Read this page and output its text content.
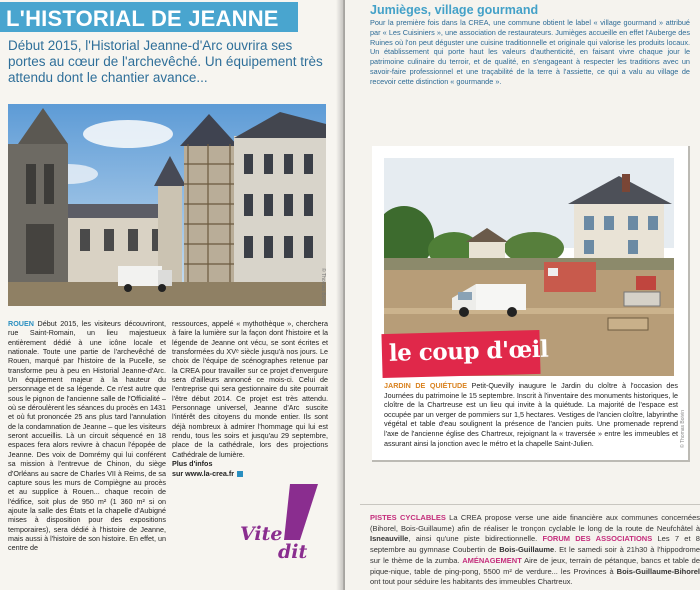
L'HISTORIAL DE JEANNE

Début 2015, l'Historial Jeanne-d'Arc ouvrira ses portes au cœur de l'archevêché. Un équipement très attendu dont le chantier avance...

© Thomas Boivin
ROUEN Début 2015, les visiteurs découvriront, rue Saint-Romain, un lieu majestueux entièrement dédié à une icône locale et nationale. Toute une partie de l'archevêché de Rouen, marqué par l'histoire de la Pucelle, se transforme peu à peu en Historial Jeanne-d'Arc. Un équipement majeur à la hauteur du personnage et de sa légende. Ce n'est autre que sous le pignon de l'ancienne salle de l'Officialité – où se déroulèrent les séances du procès en 1431 et où fut prononcée 25 ans plus tard l'annulation de la condamnation de Jeanne – que les visiteurs seront accueillis. Là un circuit séquencé en 18 espaces fera alors revivre à chacun l'épopée de Jeanne. Des voix de Domrémy qui lui conférent sa mission à l'entrevue de Chinon, du siège d'Orléans au sacre de Charles VII à Reims, de sa capture sous les murs de Compiègne au procès et au supplice à Rouen... chaque recoin de l'édifice, soit plus de 950 m² (1 360 m² si on ajoute la salle des États et la chapelle d'Aubigné mises à disposition pour des expositions temporaires), sera dédié à l'histoire de Jeanne, mais aussi à l'histoire de son histoire. En effet, un centre de
ressources, appelé « mythothèque », cherchera à faire la lumière sur la façon dont l'histoire et la légende de Jeanne ont vécu, se sont écrites et transformées du XVᵉ siècle jusqu'à nos jours. Le choix de l'équipe de scénographes retenue par la CREA pour travailler sur ce projet d'envergure sera d'ailleurs annoncé ce mois-ci. Celui de l'entreprise qui sera gestionnaire du site pourrait l'être début 2014. Ce projet est très attendu. Personnage universel, Jeanne d'Arc suscite l'intérêt des citoyens du monde entier. Ils sont déjà nombreux à admirer l'hommage qui lui est rendu, tous les soirs et jusqu'au 29 septembre, place de la cathédrale, lors des projections Cathédrale de lumière.
Plus d'infos
sur www.la-crea.fr
Vite
dit
Jumièges, village gourmand

Pour la première fois dans la CREA, une commune obtient le label « village gourmand » attribué par « Les Cuisiniers », une association de restaurateurs. Jumièges accueille en effet l'Auberge des Ruines où l'on peut déguster une cuisine traditionnelle et originale qui valorise les produits locaux. Un établissement qui porte haut les valeurs d'authenticité, en faisant vivre chaque jour le patrimoine culinaire du terroir, et de qualité, en s'engageant à respecter les traditions avec un savoir-faire professionnel et une traçabilité de la terre à l'assiette, ce qui a valu au village de recevoir cette distinction « gourmande ».

le coup d'œil
© Thomas Boivin

JARDIN DE QUIÉTUDE Petit-Quevilly inaugure le Jardin du cloître à l'occasion des Journées du patrimoine le 15 septembre. Inscrit à l'inventaire des monuments historiques, le cloître de la Chartreuse est un lieu qui invite à la quiétude. La majorité de l'espace est occupée par un verger de pommiers sur 1,5 hectares. Vestiges de l'ancien cloître, labyrinthe végétal et table d'eau soulignent la présence de l'ancien puits. Une promenade reprend l'axe de l'ancienne église des Chartreux, rejoignant la « traversée » entre les immeubles et assurant ainsi la jonction avec le métro et la chapelle Saint-Julien.

PISTES CYCLABLES La CREA propose verse une aide financière aux communes concernées (Bihorel, Bois-Guillaume) afin de réaliser le tronçon cyclable le long de la route de Neufchâtel à Isneauville, ainsi qu'une piste bidirectionnelle. FORUM DES ASSOCIATIONS Les 7 et 8 septembre au gymnase Coubertin de Bois-Guillaume. Et le samedi soir à 21h30 à l'hippodrome sur le thème de la zumba. AMÉNAGEMENT Aire de jeux, terrain de pétanque, bancs et table de pique-nique, table de ping-pong, 5500 m² de verdure... les Provinces à Bois-Guillaume-Bihorel ont tout pour séduire les habitants des immeubles Chartreux.
